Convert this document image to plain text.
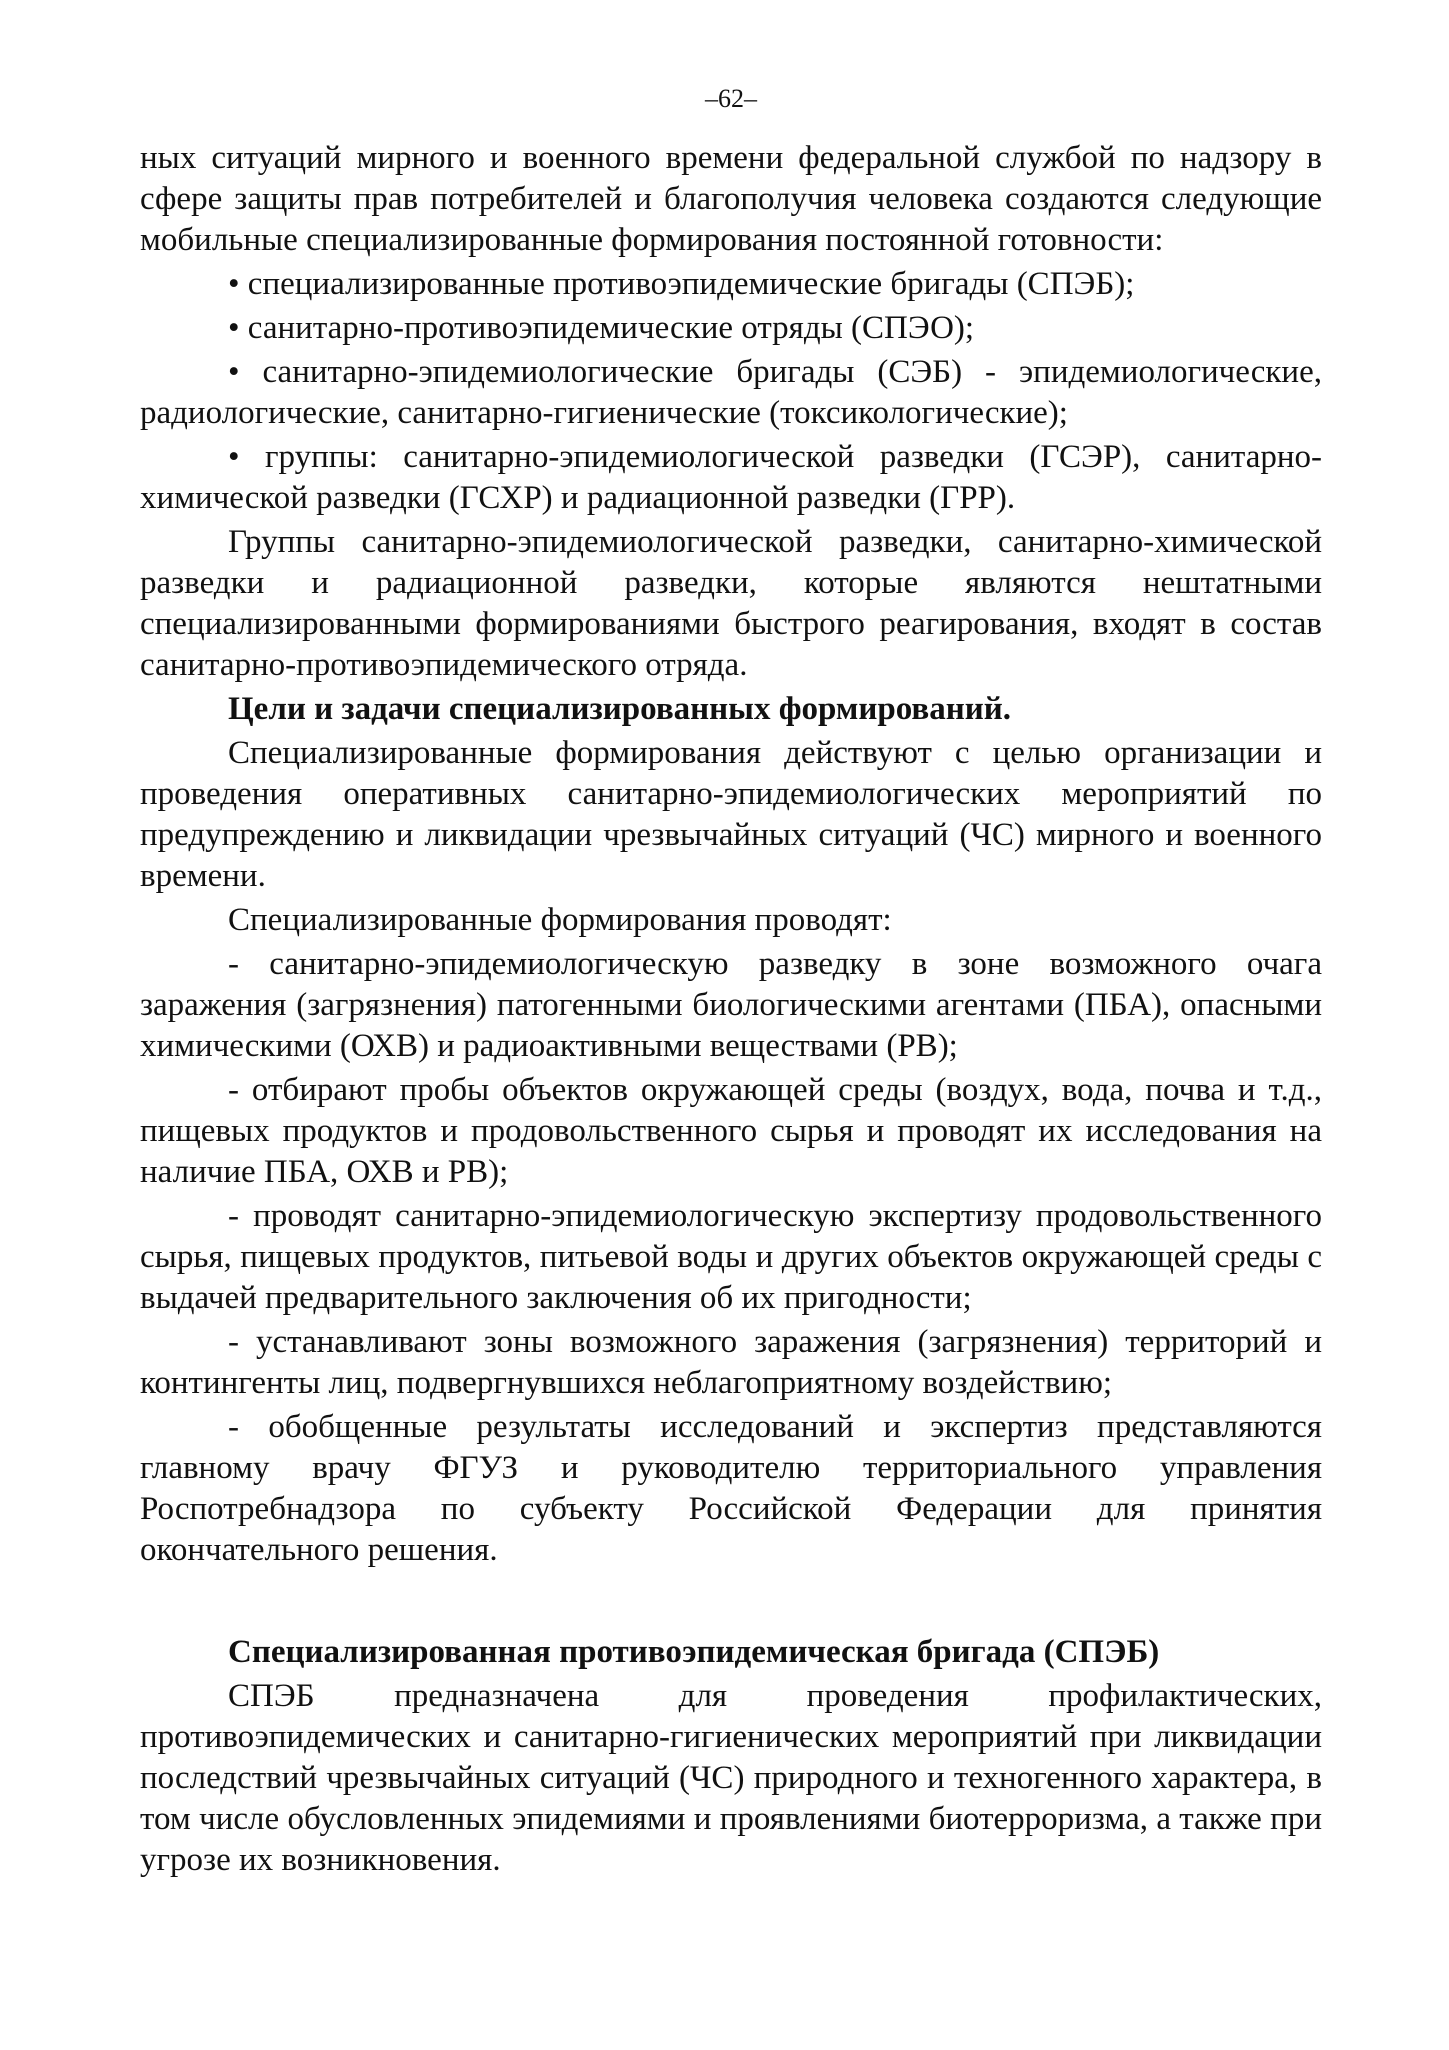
–62–

ных ситуаций мирного и военного времени федеральной службой по надзору в сфере защиты прав потребителей и благополучия человека создаются следующие мобильные специализированные формирования постоянной готовности:

• специализированные противоэпидемические бригады (СПЭБ);

• санитарно-противоэпидемические отряды (СПЭО);

• санитарно-эпидемиологические бригады (СЭБ) - эпидемиологические, радиологические, санитарно-гигиенические (токсикологические);

• группы: санитарно-эпидемиологической разведки (ГСЭР), санитарно-химической разведки (ГСХР) и радиационной разведки (ГРР).

Группы санитарно-эпидемиологической разведки, санитарно-химической разведки и радиационной разведки, которые являются нештатными специализированными формированиями быстрого реагирования, входят в состав санитарно-противоэпидемического отряда.

Цели и задачи специализированных формирований.

Специализированные формирования действуют с целью организации и проведения оперативных санитарно-эпидемиологических мероприятий по предупреждению и ликвидации чрезвычайных ситуаций (ЧС) мирного и военного времени.

Специализированные формирования проводят:

- санитарно-эпидемиологическую разведку в зоне возможного очага заражения (загрязнения) патогенными биологическими агентами (ПБА), опасными химическими (ОХВ) и радиоактивными веществами (РВ);

- отбирают пробы объектов окружающей среды (воздух, вода, почва и т.д., пищевых продуктов и продовольственного сырья и проводят их исследования на наличие ПБА, ОХВ и РВ);

- проводят санитарно-эпидемиологическую экспертизу продовольственного сырья, пищевых продуктов, питьевой воды и других объектов окружающей среды с выдачей предварительного заключения об их пригодности;

- устанавливают зоны возможного заражения (загрязнения) территорий и контингенты лиц, подвергнувшихся неблагоприятному воздействию;

- обобщенные результаты исследований и экспертиз представляются главному врачу ФГУЗ и руководителю территориального управления Роспотребнадзора по субъекту Российской Федерации для принятия окончательного решения.

Специализированная противоэпидемическая бригада (СПЭБ)

СПЭБ предназначена для проведения профилактических, противоэпидемических и санитарно-гигиенических мероприятий при ликвидации последствий чрезвычайных ситуаций (ЧС) природного и техногенного характера, в том числе обусловленных эпидемиями и проявлениями биотерроризма, а также при угрозе их возникновения.
